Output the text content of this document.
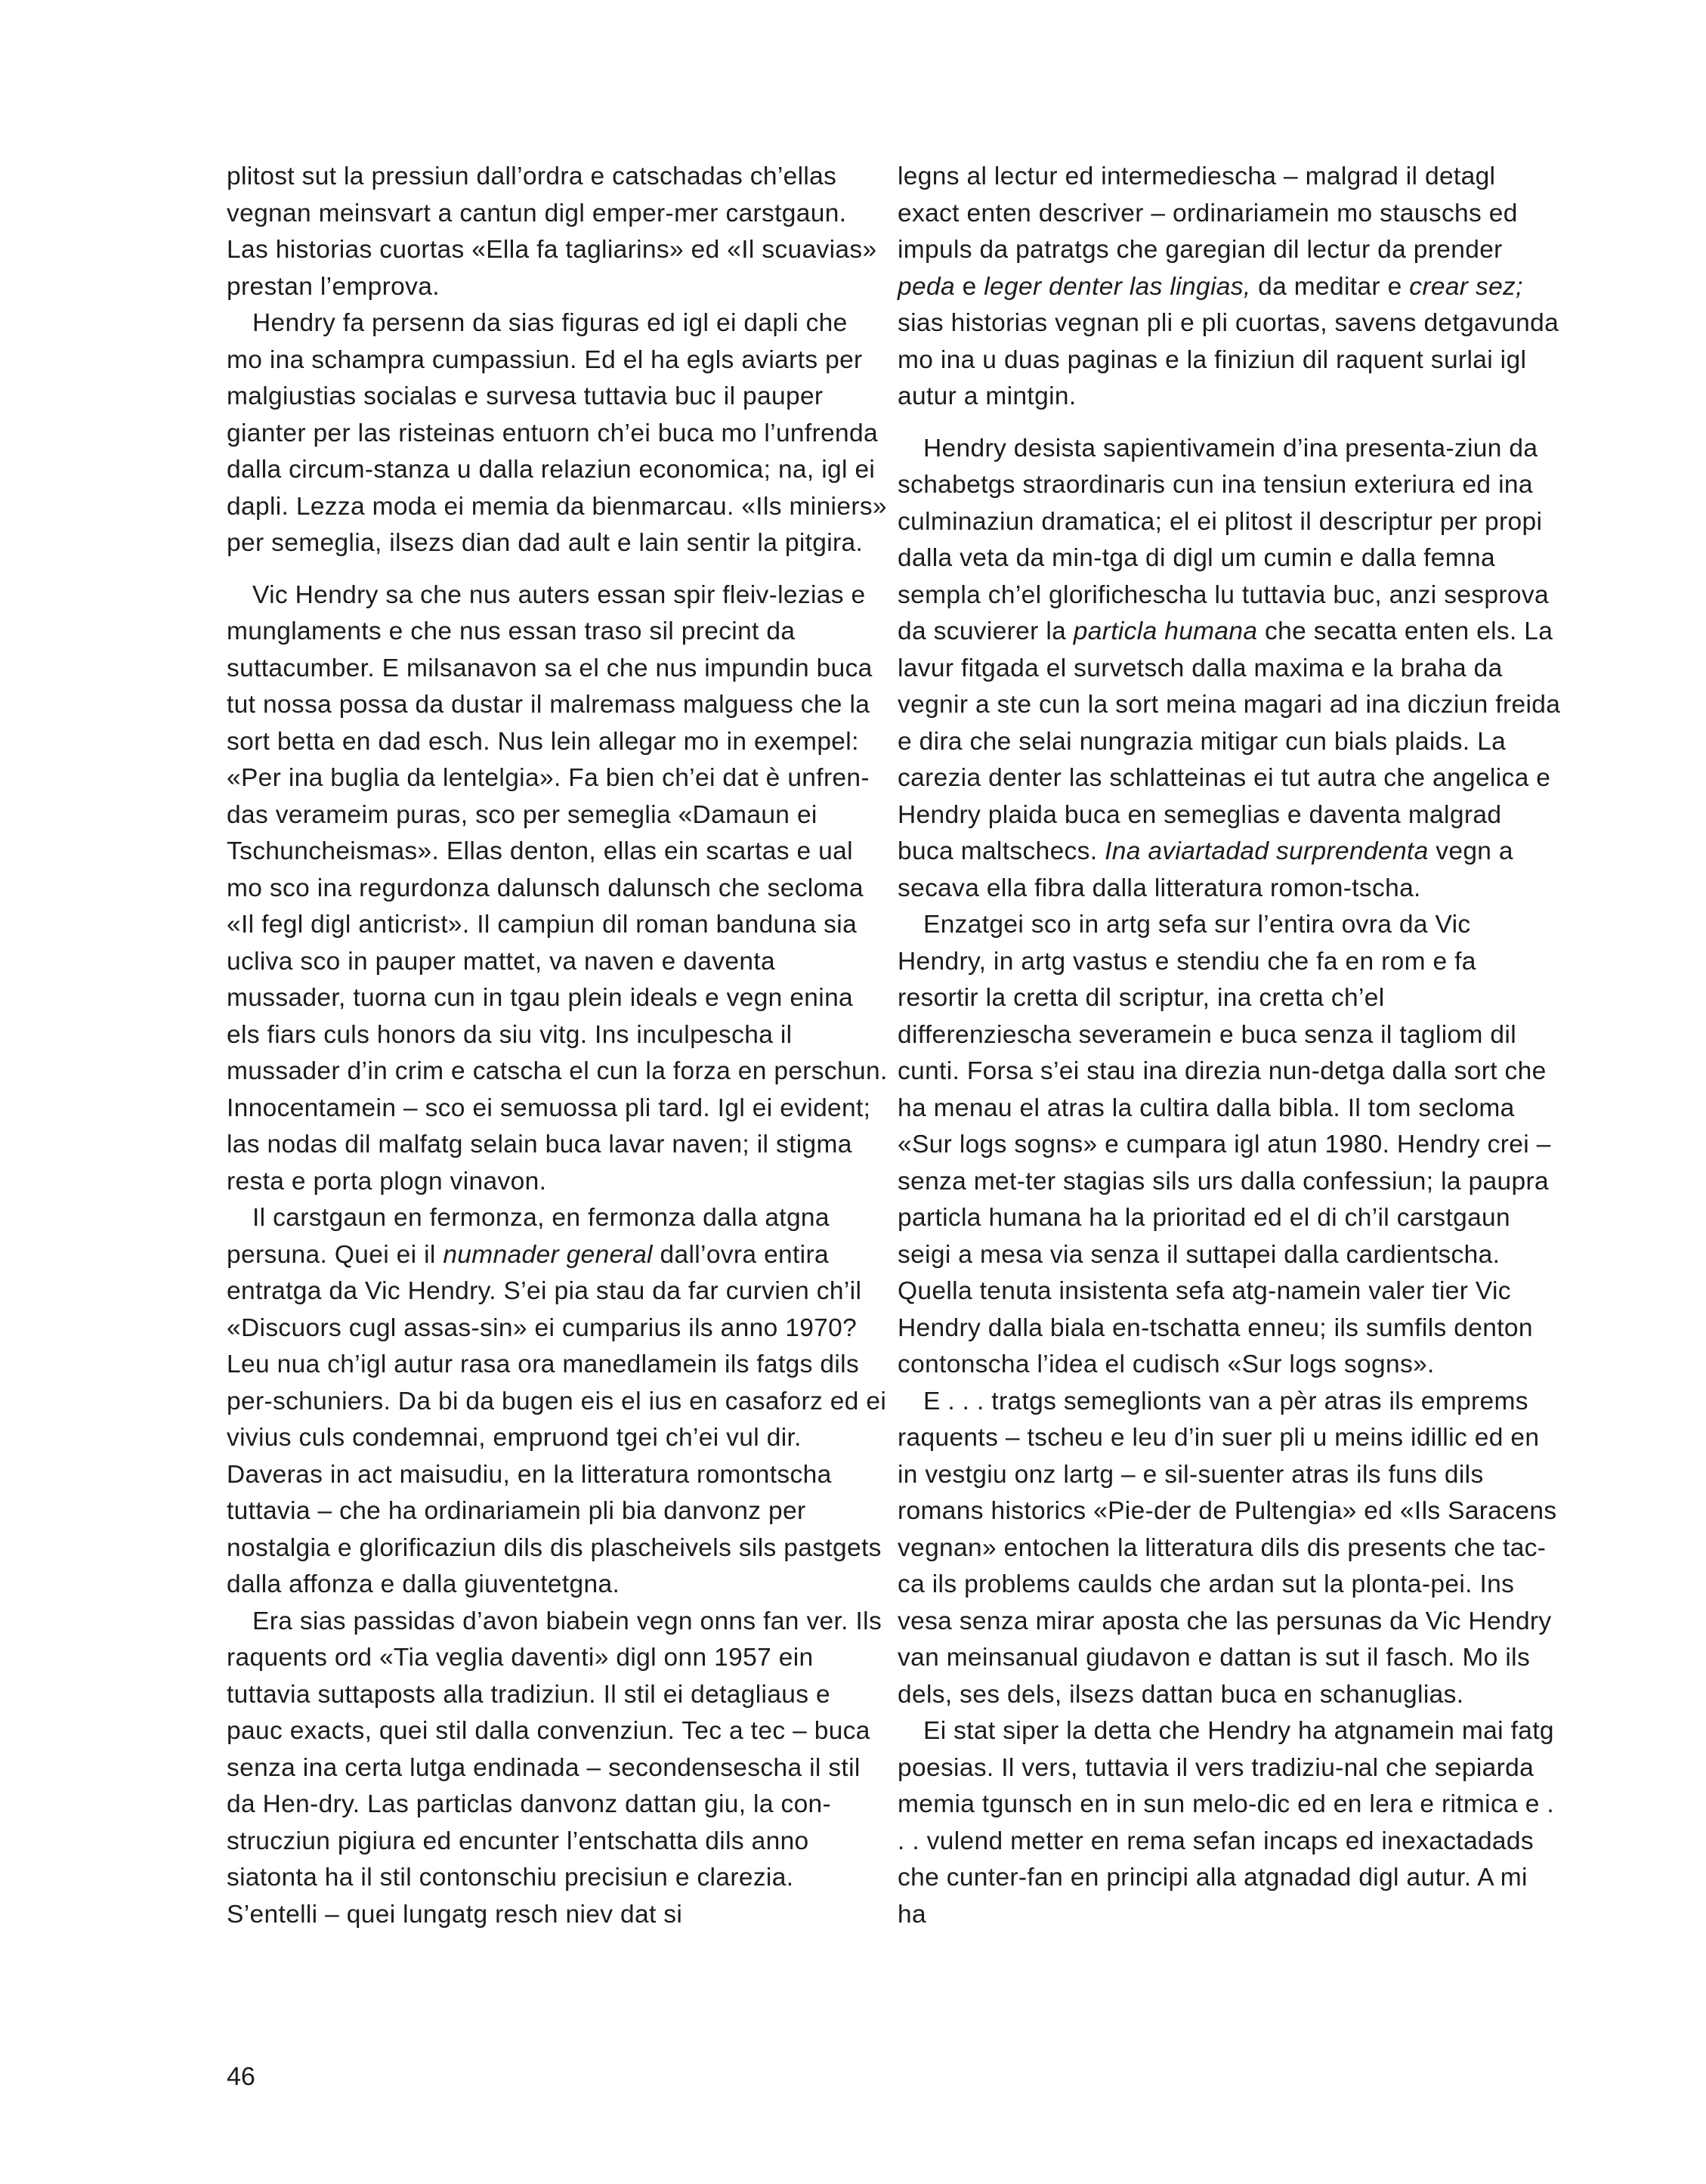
plitost sut la pressiun dall’ordra e catschadas ch’ellas vegnan meinsvart a cantun digl emper-mer carstgaun. Las historias cuortas «Ella fa tagliarins» ed «Il scuavias» prestan l’emprova.

Hendry fa persenn da sias figuras ed igl ei dapli che mo ina schampra cumpassiun. Ed el ha egls aviarts per malgiustias socialas e survesa tuttavia buc il pauper gianter per las risteinas entuorn ch’ei buca mo l’unfrenda dalla circum-stanza u dalla relaziun economica; na, igl ei dapli. Lezza moda ei memia da bienmarcau. «Ils miniers» per semeglia, ilsezs dian dad ault e lain sentir la pitgira.

Vic Hendry sa che nus auters essan spir fleiv-lezias e munglaments e che nus essan traso sil precint da suttacumber. E milsanavon sa el che nus impundin buca tut nossa possa da dustar il malremass malguess che la sort betta en dad esch. Nus lein allegar mo in exempel: «Per ina buglia da lentelgia». Fa bien ch’ei dat è unfren-das verameim puras, sco per semeglia «Damaun ei Tschuncheismas». Ellas denton, ellas ein scartas e ual mo sco ina regurdonza dalunsch dalunsch che secloma «Il fegl digl anticrist». Il campiun dil roman banduna sia ucliva sco in pauper mattet, va naven e daventa mussader, tuorna cun in tgau plein ideals e vegn enina els fiars culs honors da siu vitg. Ins inculpescha il mussader d’in crim e catscha el cun la forza en perschun. Innocentamein – sco ei semuossa pli tard. Igl ei evident; las nodas dil malfatg selain buca lavar naven; il stigma resta e porta plogn vinavon.

Il carstgaun en fermonza, en fermonza dalla atgna persuna. Quei ei il numnader general dall’ovra entira entratga da Vic Hendry. S’ei pia stau da far curvien ch’il «Discuors cugl assas-sin» ei cumparius ils anno 1970? Leu nua ch’igl autur rasa ora manedlamein ils fatgs dils per-schuniers. Da bi da bugen eis el ius en casaforz ed ei vivius culs condemnai, empruond tgei ch’ei vul dir. Daveras in act maisudiu, en la litteratura romontscha tuttavia – che ha ordinariamein pli bia danvonz per nostalgia e glorificaziun dils dis plascheivels sils pastgets dalla affonza e dalla giuventetgna.

Era sias passidas d’avon biabein vegn onns fan ver. Ils raquents ord «Tia veglia daventi» digl onn 1957 ein tuttavia suttaposts alla tradiziun. Il stil ei detagliaus e pauc exacts, quei stil dalla convenziun. Tec a tec – buca senza ina certa lutga endinada – secondensescha il stil da Hen-dry. Las particlas danvonz dattan giu, la con-strucziun pigiura ed encunter l’entschatta dils anno siatonta ha il stil contonschiu precisiun e clarezia. S’entelli – quei lungatg resch niev dat si

legns al lectur ed intermediescha – malgrad il detagl exact enten descriver – ordinariamein mo stauschs ed impuls da patratgs che garegian dil lectur da prender peda e leger denter las lingias, da meditar e crear sez; sias historias vegnan pli e pli cuortas, savens detgavunda mo ina u duas paginas e la finiziun dil raquent surlai igl autur a mintgin.

Hendry desista sapientivamein d’ina presenta-ziun da schabetgs straordinaris cun ina tensiun exteriura ed ina culminaziun dramatica; el ei plitost il descriptur per propi dalla veta da min-tga di digl um cumin e dalla femna sempla ch’el glorifichescha lu tuttavia buc, anzi sesprova da scuvierer la particla humana che secatta enten els. La lavur fitgada el survetsch dalla maxima e la braha da vegnir a ste cun la sort meina magari ad ina dicziun freida e dira che selai nungrazia mitigar cun bials plaids. La carezia denter las schlatteinas ei tut autra che angelica e Hendry plaida buca en semeglias e daventa malgrad buca maltschecs. Ina aviartadad surprendenta vegn a secava ella fibra dalla litteratura romon-tscha.

Enzatgei sco in artg sefa sur l’entira ovra da Vic Hendry, in artg vastus e stendiu che fa en rom e fa resortir la cretta dil scriptur, ina cretta ch’el differenziescha severamein e buca senza il tagliom dil cunti. Forsa s’ei stau ina direzia nun-detga dalla sort che ha menau el atras la cultira dalla bibla. Il tom secloma «Sur logs sogns» e cumpara igl atun 1980. Hendry crei – senza met-ter stagias sils urs dalla confessiun; la paupra particla humana ha la prioritad ed el di ch’il carstgaun seigi a mesa via senza il suttapei dalla cardientscha. Quella tenuta insistenta sefa atg-namein valer tier Vic Hendry dalla biala en-tschatta enneu; ils sumfils denton contonscha l’idea el cudisch «Sur logs sogns».

E . . . tratgs semeglionts van a pèr atras ils emprems raquents – tscheu e leu d’in suer pli u meins idillic ed en in vestgiu onz lartg – e sil-suenter atras ils funs dils romans historics «Pie-der de Pultengia» ed «Ils Saracens vegnan» entochen la litteratura dils dis presents che tac-ca ils problems caulds che ardan sut la plonta-pei. Ins vesa senza mirar aposta che las persunas da Vic Hendry van meinsanual giudavon e dattan is sut il fasch. Mo ils dels, ses dels, ilsezs dattan buca en schanuglias.

Ei stat siper la detta che Hendry ha atgnamein mai fatg poesias. Il vers, tuttavia il vers tradiziu-nal che sepiarda memia tgunsch en in sun melo-dic ed en lera e ritmica e . . . vulend metter en rema sefan incaps ed inexactadads che cunter-fan en principi alla atgnadad digl autur. A mi ha

46
